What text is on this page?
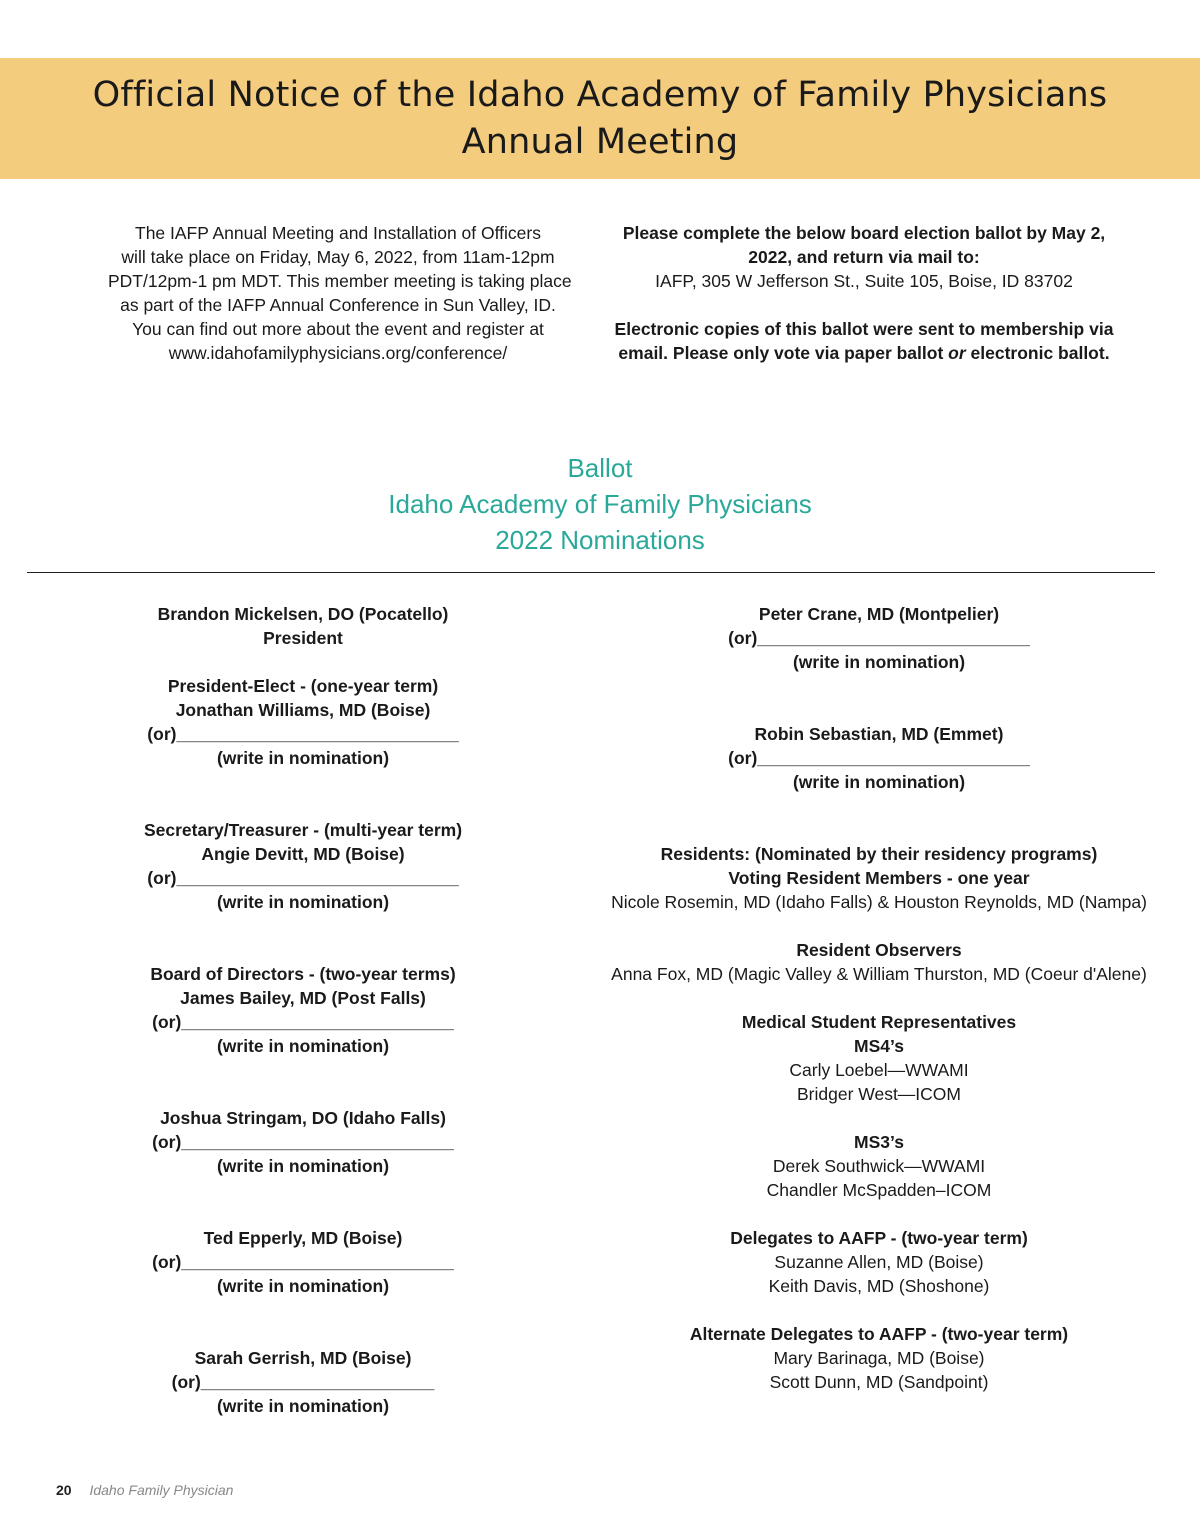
Official Notice of the Idaho Academy of Family Physicians
Annual Meeting
The IAFP Annual Meeting and Installation of Officers
will take place on Friday, May 6, 2022, from 11am-12pm
PDT/12pm-1 pm MDT. This member meeting is taking place
as part of the IAFP Annual Conference in Sun Valley, ID.
You can find out more about the event and register at
www.idahofamilyphysicians.org/conference/
Please complete the below board election ballot by May 2,
2022, and return via mail to:
IAFP, 305 W Jefferson St., Suite 105, Boise, ID 83702
Electronic copies of this ballot were sent to membership via
email. Please only vote via paper ballot or electronic ballot.
Ballot
Idaho Academy of Family Physicians
2022 Nominations
Brandon Mickelsen, DO (Pocatello)
President
President-Elect - (one-year term)
Jonathan Williams, MD (Boise)
(or)_____________________________
(write in nomination)
Secretary/Treasurer - (multi-year term)
Angie Devitt, MD (Boise)
(or)_____________________________
(write in nomination)
Board of Directors - (two-year terms)
James Bailey, MD (Post Falls)
(or)____________________________
(write in nomination)
Joshua Stringam, DO (Idaho Falls)
(or)____________________________
(write in nomination)
Ted Epperly, MD (Boise)
(or)____________________________
(write in nomination)
Sarah Gerrish, MD (Boise)
(or)________________________
(write in nomination)
Peter Crane, MD (Montpelier)
(or)____________________________
(write in nomination)
Robin Sebastian, MD (Emmet)
(or)____________________________
(write in nomination)
Residents: (Nominated by their residency programs)
Voting Resident Members - one year
Nicole Rosemin, MD (Idaho Falls) & Houston Reynolds, MD (Nampa)
Resident Observers
Anna Fox, MD (Magic Valley & William Thurston, MD (Coeur d'Alene)
Medical Student Representatives
MS4’s
Carly Loebel—WWAMI
Bridger West—ICOM
MS3’s
Derek Southwick—WWAMI
Chandler McSpadden–ICOM
Delegates to AAFP - (two-year term)
Suzanne Allen, MD (Boise)
Keith Davis, MD (Shoshone)
Alternate Delegates to AAFP - (two-year term)
Mary Barinaga, MD (Boise)
Scott Dunn, MD (Sandpoint)
20 Idaho Family Physician
